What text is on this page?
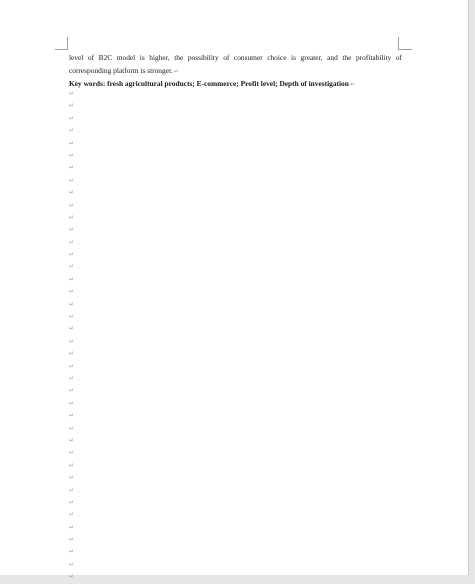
level of B2C model is higher, the possibility of consumer choice is greater, and the profitability of corresponding platform is stronger.↵

Key words: fresh agricultural products; E-commerce; Profit level; Depth of investigation↵

↵
↵
↵
↵
↵
↵
↵
↵
↵
↵
↵
↵
↵
↵
↵
↵
↵
↵
↵
↵
↵
↵
↵
↵
↵
↵
↵
↵
↵
↵
↵
↵
↵
↵
↵
↵
↵
↵
↵
↵
